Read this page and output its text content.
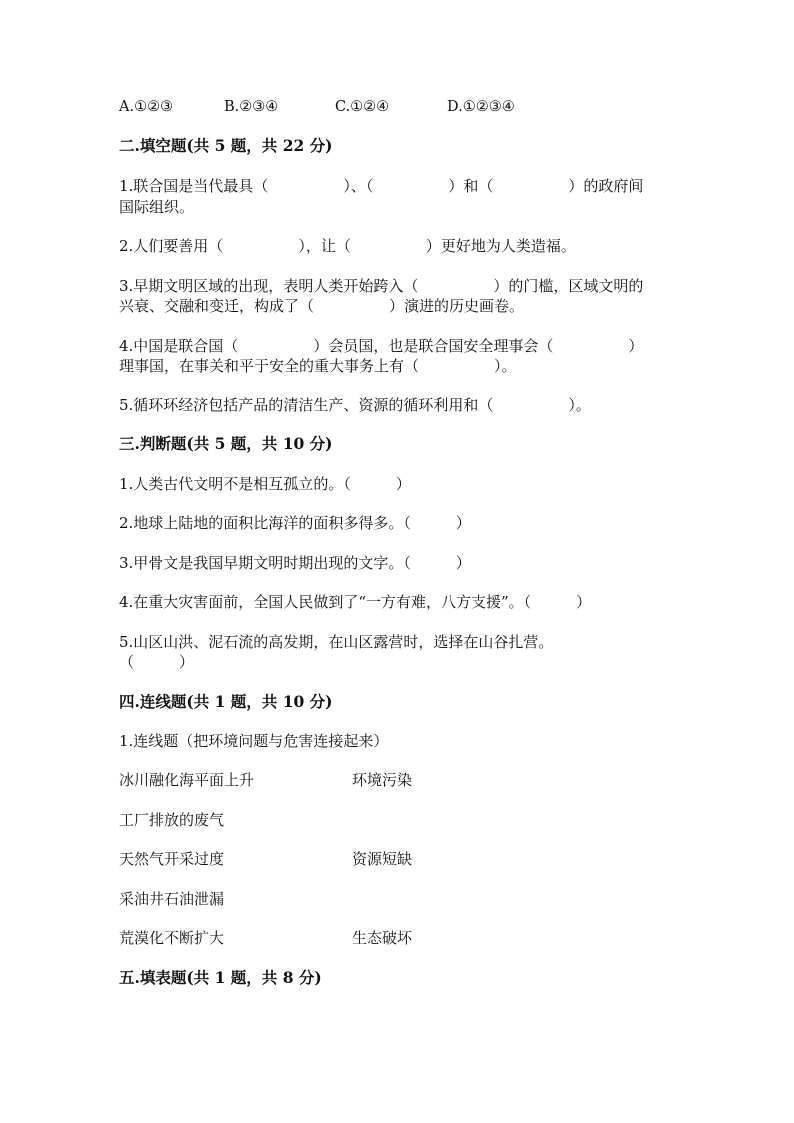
A.①②③	B.②③④	C.①②④	D.①②③④
二.填空题(共 5 题，共 22 分)
1.联合国是当代最具（　　　　　）、（　　　　　）和（　　　　　）的政府间
国际组织。
2.人们要善用（　　　　　），让（　　　　　）更好地为人类造福。
3.早期文明区域的出现，表明人类开始跨入（　　　　　）的门槛，区域文明的
兴衰、交融和变迁，构成了（　　　　　）演进的历史画卷。
4.中国是联合国（　　　　　）会员国，也是联合国安全理事会（　　　　　）
理事国，在事关和平于安全的重大事务上有（　　　　　）。
5.循环环经济包括产品的清洁生产、资源的循环利用和（　　　　　）。
三.判断题(共 5 题，共 10 分)
1.人类古代文明不是相互孤立的。（　　　）
2.地球上陆地的面积比海洋的面积多得多。（　　　）
3.甲骨文是我国早期文明时期出现的文字。（　　　）
4.在重大灾害面前，全国人民做到了“一方有难，八方支援”。（　　　）
5.山区山洪、泥石流的高发期，在山区露营时，选择在山谷扎营。
（　　　）
四.连线题(共 1 题，共 10 分)
1.连线题（把环境问题与危害连接起来）
冰川融化海平面上升	环境污染
工厂排放的废气
天然气开采过度	资源短缺
采油井石油泄漏
荒漠化不断扩大	生态破坏
五.填表题(共 1 题，共 8 分)
